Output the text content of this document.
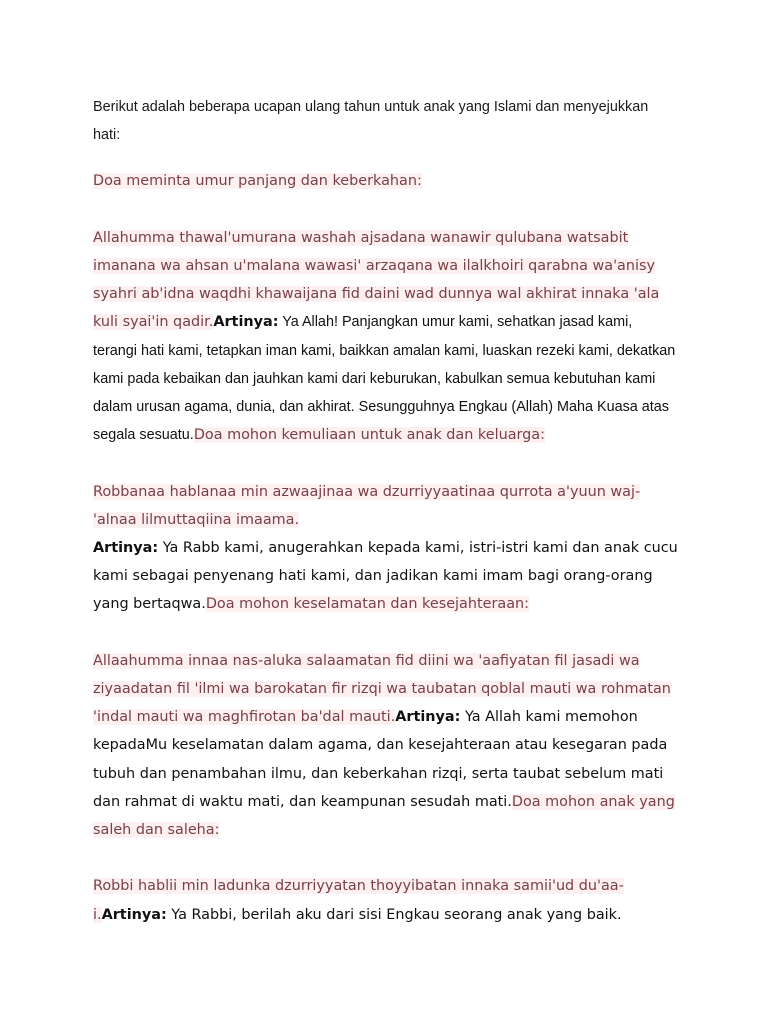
Berikut adalah beberapa ucapan ulang tahun untuk anak yang Islami dan menyejukkan hati:

Doa meminta umur panjang dan keberkahan:

Allahumma thawal'umurana washah ajsadana wanawir qulubana watsabit imanana wa ahsan u'malana wawasi' arzaqana wa ilalkhoiri qarabna wa'anisy syahri ab'idna waqdhi khawaijana fid daini wad dunnya wal akhirat innaka 'ala kuli syai'in qadir.Artinya: Ya Allah! Panjangkan umur kami, sehatkan jasad kami, terangi hati kami, tetapkan iman kami, baikkan amalan kami, luaskan rezeki kami, dekatkan kami pada kebaikan dan jauhkan kami dari keburukan, kabulkan semua kebutuhan kami dalam urusan agama, dunia, dan akhirat. Sesungguhnya Engkau (Allah) Maha Kuasa atas segala sesuatu.Doa mohon kemuliaan untuk anak dan keluarga:

Robbanaa hablanaa min azwaajinaa wa dzurriyyaatinaa qurrota a'yuun waj-'alnaa lilmuttaqiina imaama.
Artinya: Ya Rabb kami, anugerahkan kepada kami, istri-istri kami dan anak cucu kami sebagai penyenang hati kami, dan jadikan kami imam bagi orang-orang yang bertaqwa.Doa mohon keselamatan dan kesejahteraan:

Allaahumma innaa nas-aluka salaamatan fid diini wa 'aafiyatan fil jasadi wa ziyaadatan fil 'ilmi wa barokatan fir rizqi wa taubatan qoblal mauti wa rohmatan 'indal mauti wa maghfirotan ba'dal mauti.Artinya: Ya Allah kami memohon kepadaMu keselamatan dalam agama, dan kesejahteraan atau kesegaran pada tubuh dan penambahan ilmu, dan keberkahan rizqi, serta taubat sebelum mati dan rahmat di waktu mati, dan keampunan sesudah mati.Doa mohon anak yang saleh dan saleha:

Robbi hablii min ladunka dzurriyyatan thoyyibatan innaka samii'ud du'aa-i.Artinya: Ya Rabbi, berilah aku dari sisi Engkau seorang anak yang baik.
